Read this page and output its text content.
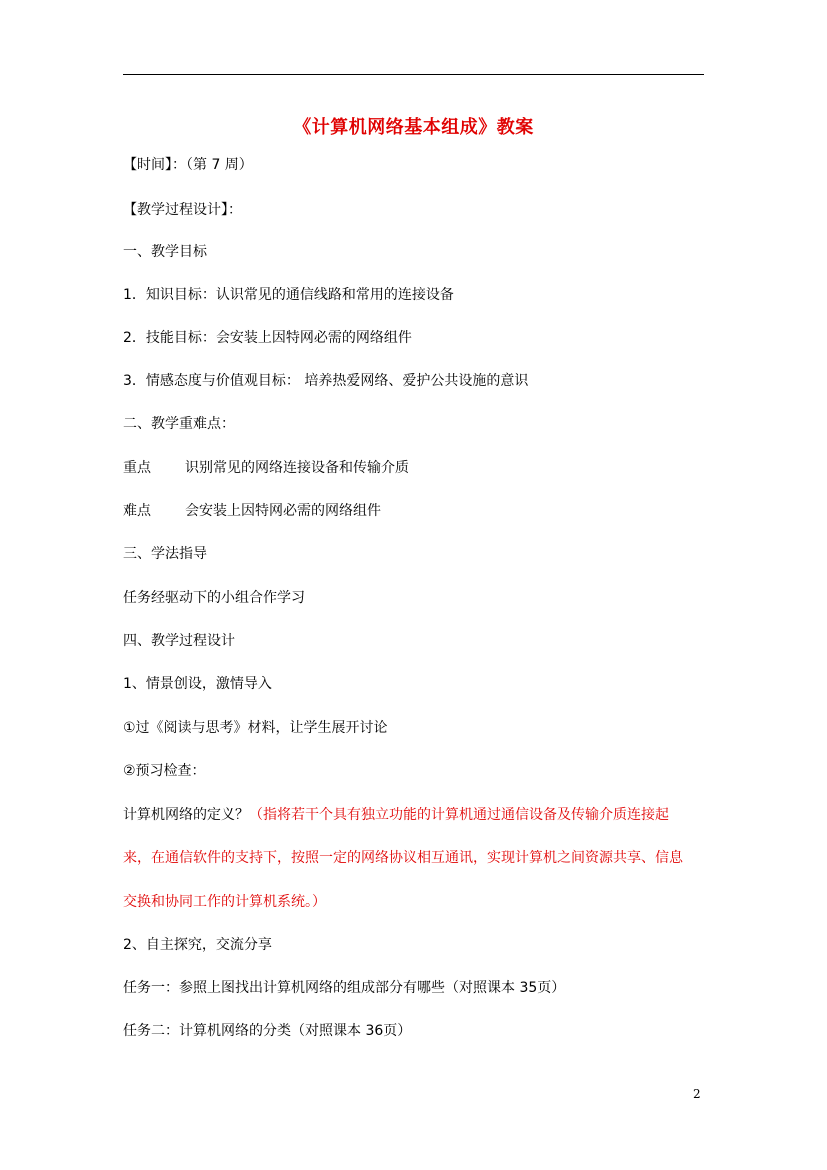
《计算机网络基本组成》教案
【时间】：（第 7 周）
【教学过程设计】：
一、教学目标
1．知识目标：认识常见的通信线路和常用的连接设备
2．技能目标：会安装上因特网必需的网络组件
3．情感态度与价值观目标： 培养热爱网络、爱护公共设施的意识
二、教学重难点：
重点 识别常见的网络连接设备和传输介质
难点 会安装上因特网必需的网络组件
三、学法指导
任务经驱动下的小组合作学习
四、教学过程设计
1、情景创设，激情导入
①过《阅读与思考》材料，让学生展开讨论
②预习检查：
计算机网络的定义？（指将若干个具有独立功能的计算机通过通信设备及传输介质连接起
来，在通信软件的支持下，按照一定的网络协议相互通讯，实现计算机之间资源共享、信息
交换和协同工作的计算机系统。）
2、自主探究，交流分享
任务一：参照上图找出计算机网络的组成部分有哪些（对照课本 35页）
任务二：计算机网络的分类（对照课本 36页）
2
